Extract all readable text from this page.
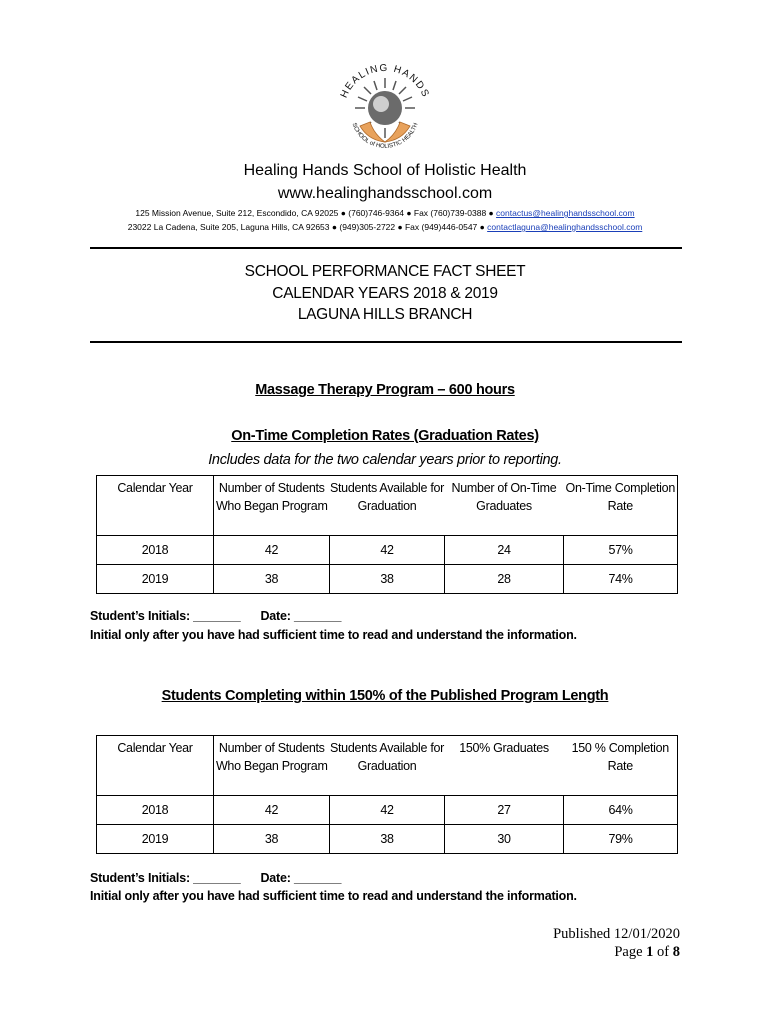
HEALING HANDS
SCHOOL of HOLISTIC HEALTH
Healing Hands School of Holistic Health
www.healinghandsschool.com
125 Mission Avenue, Suite 212, Escondido, CA 92025 ● (760)746-9364 ● Fax (760)739-0388 ● contactus@healinghandsschool.com
23022 La Cadena, Suite 205, Laguna Hills, CA 92653 ● (949)305-2722 ● Fax (949)446-0547 ● contactlaguna@healinghandsschool.com
SCHOOL PERFORMANCE FACT SHEET
CALENDAR YEARS 2018 & 2019
LAGUNA HILLS BRANCH
Massage Therapy Program – 600 hours
On-Time Completion Rates (Graduation Rates)
Includes data for the two calendar years prior to reporting.
Calendar Year	Number of Students Who Began Program	Students Available for Graduation	Number of On-Time Graduates	On-Time Completion Rate
2018	42	42	24	57%
2019	38	38	28	74%
Student’s Initials: _______ Date: _______
Initial only after you have had sufficient time to read and understand the information.
Students Completing within 150% of the Published Program Length
Calendar Year	Number of Students Who Began Program	Students Available for Graduation	150% Graduates	150 % Completion Rate
2018	42	42	27	64%
2019	38	38	30	79%
Student’s Initials: _______ Date: _______
Initial only after you have had sufficient time to read and understand the information.
Published 12/01/2020
Page 1 of 8
